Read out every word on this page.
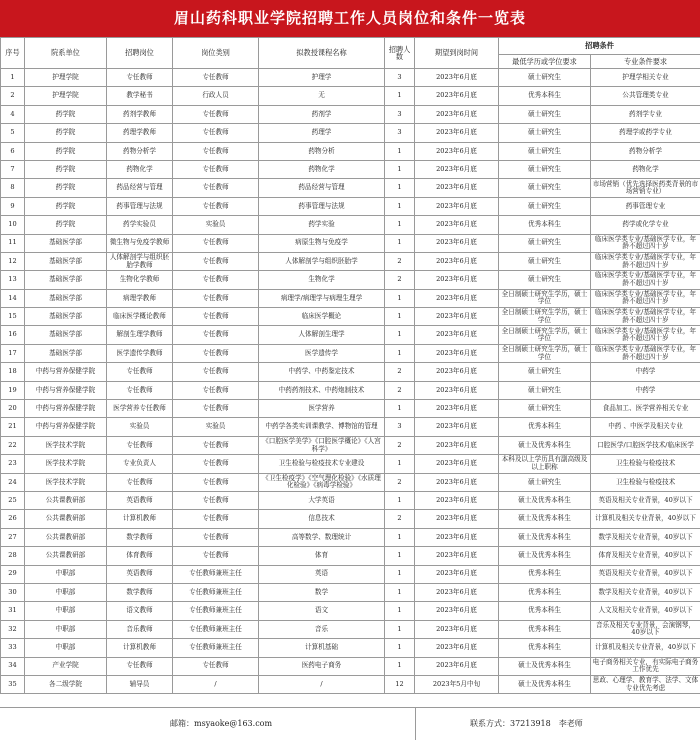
眉山药科职业学院招聘工作人员岗位和条件一览表
序号	院系单位	招聘岗位	岗位类别	拟教授课程名称	招聘人数	期望到岗时间	招聘条件	
							最低学历或学位要求	专业条件要求
1	护理学院	专任教师	专任教师	护理学	3	2023年6月底	硕士研究生	护理学相关专业
2	护理学院	教学秘书	行政人员	无	1	2023年6月底	优秀本科生	公共管理类专业
4	药学院	药剂学教师	专任教师	药剂学	3	2023年6月底	硕士研究生	药剂学专业
5	药学院	药理学教师	专任教师	药理学	3	2023年6月底	硕士研究生	药理学或药学专业
6	药学院	药物分析学	专任教师	药物分析	1	2023年6月底	硕士研究生	药物分析学
7	药学院	药物化学	专任教师	药物化学	1	2023年6月底	硕士研究生	药物化学
8	药学院	药品经营与管理	专任教师	药品经营与管理	1	2023年6月底	硕士研究生	市场营销（优先选择医药类背景的市场营销专业）
9	药学院	药事管理与法规	专任教师	药事管理与法规	1	2023年6月底	硕士研究生	药事管理专业
10	药学院	药学实验员	实验员	药学实验	1	2023年6月底	优秀本科生	药学或化学专业
11	基础医学部	微生物与免疫学教师	专任教师	病原生物与免疫学	1	2023年6月底	硕士研究生	临床医学类专业/基础医学专业，年龄不超过四十岁
12	基础医学部	人体解剖学与组织胚胎学教师	专任教师	人体解剖学与组织胚胎学	2	2023年6月底	硕士研究生	临床医学类专业/基础医学专业，年龄不超过四十岁
13	基础医学部	生物化学教师	专任教师	生物化学	2	2023年6月底	硕士研究生	临床医学类专业/基础医学专业，年龄不超过四十岁
14	基础医学部	病理学教师	专任教师	病理学/病理学与病理生理学	1	2023年6月底	全日制硕士研究生学历，硕士学位	临床医学类专业/基础医学专业，年龄不超过四十岁
15	基础医学部	临床医学概论教师	专任教师	临床医学概论	1	2023年6月底	全日制硕士研究生学历，硕士学位	临床医学类专业/基础医学专业，年龄不超过四十岁
16	基础医学部	解剖生理学教师	专任教师	人体解剖生理学	1	2023年6月底	全日制硕士研究生学历，硕士学位	临床医学类专业/基础医学专业，年龄不超过四十岁
17	基础医学部	医学遗传学教师	专任教师	医学遗传学	1	2023年6月底	全日制硕士研究生学历，硕士学位	临床医学类专业/基础医学专业，年龄不超过四十岁
18	中药与营养保健学院	专任教师	专任教师	中药学、中药鉴定技术	2	2023年6月底	硕士研究生	中药学
19	中药与营养保健学院	专任教师	专任教师	中药药剂技术、中药炮制技术	2	2023年6月底	硕士研究生	中药学
20	中药与营养保健学院	医学营养专任教师	专任教师	医学营养	1	2023年6月底	硕士研究生	食品加工、医学营养相关专业
21	中药与营养保健学院	实验员	实验员	中药学各类实训课教学、博物馆的管理	3	2023年6月底	优秀本科生	中药 、中医学及相关专业
22	医学技术学院	专任教师	专任教师	《口腔医学美学》《口腔医学概论》《人宫科学》	2	2023年6月底	硕士及优秀本科生	口腔医学/口腔医学技术/临床医学
23	医学技术学院	专业负责人	专任教师	卫生检验与检疫技术专业建设	1	2023年6月底	本科及以上学历具有副高级及以上职称	卫生检验与检疫技术
24	医学技术学院	专任教师	专任教师	《卫生检疫学》《空气理化检验》《水质理化检验》《病毒学检验》	2	2023年6月底	硕士研究生	卫生检验与检疫技术
25	公共课教研部	英语教师	专任教师	大学英语	1	2023年6月底	硕士及优秀本科生	英语及相关专业背景，40岁以下
26	公共课教研部	计算机教师	专任教师	信息技术	2	2023年6月底	硕士及优秀本科生	计算机及相关专业背景，40岁以下
27	公共课教研部	数学教师	专任教师	高等数学、数理统计	1	2023年6月底	硕士及优秀本科生	数学及相关专业背景，40岁以下
28	公共课教研部	体育教师	专任教师	体育	1	2023年6月底	硕士及优秀本科生	体育及相关专业背景，40岁以下
29	中职部	英语教师	专任教师兼班主任	英语	1	2023年6月底	优秀本科生	英语及相关专业背景，40岁以下
30	中职部	数学教师	专任教师兼班主任	数学	1	2023年6月底	优秀本科生	数学及相关专业背景，40岁以下
31	中职部	语文教师	专任教师兼班主任	语文	1	2023年6月底	优秀本科生	人文及相关专业背景，40岁以下
32	中职部	音乐教师	专任教师兼班主任	音乐	1	2023年6月底	优秀本科生	音乐及相关专业背景，会演钢琴，40岁以下
33	中职部	计算机教师	专任教师兼班主任	计算机基础	1	2023年6月底	优秀本科生	计算机及相关专业背景，40岁以下
34	产业学院	专任教师	专任教师	医药电子商务	1	2023年6月底	硕士及优秀本科生	电子商务相关专业，有实际电子商务工作优先
35	各二级学院	辅导员	/	/	12	2023年5月中旬	硕士及优秀本科生	思政、心理学、教育学、法学、文体专业优先考虑
邮箱：msyaoke@163.com	联系方式：37213918　李老师
